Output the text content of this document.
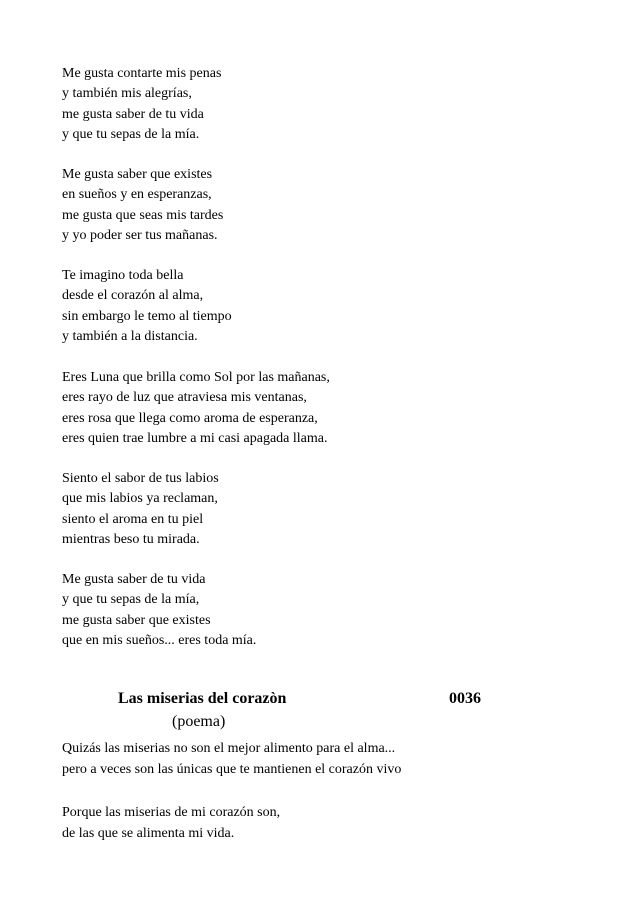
Me gusta contarte mis penas
y también mis alegrías,
me gusta saber de tu vida
y que tu sepas de la mía.

Me gusta saber que existes
en sueños y en esperanzas,
me gusta que seas mis tardes
y yo poder ser tus mañanas.

Te imagino toda bella
desde el corazón al alma,
sin embargo le temo al tiempo
y también a la distancia.

Eres Luna que brilla como Sol por las mañanas,
eres rayo de luz que atraviesa mis ventanas,
eres rosa que llega como aroma de esperanza,
eres quien trae lumbre a mi casi apagada llama.

Siento el sabor de tus labios
que mis labios ya reclaman,
siento el aroma en tu piel
mientras beso tu mirada.

Me gusta saber de tu vida
y que tu sepas de la mía,
me gusta saber que existes
que en mis sueños... eres toda mía.

Las miserias del corazòn	0036
(poema)
Quizás las miserias no son el mejor alimento para el alma...
pero a veces son las únicas que te mantienen el corazón vivo
Porque las miserias de mi corazón son,
de las que se alimenta mi vida.
